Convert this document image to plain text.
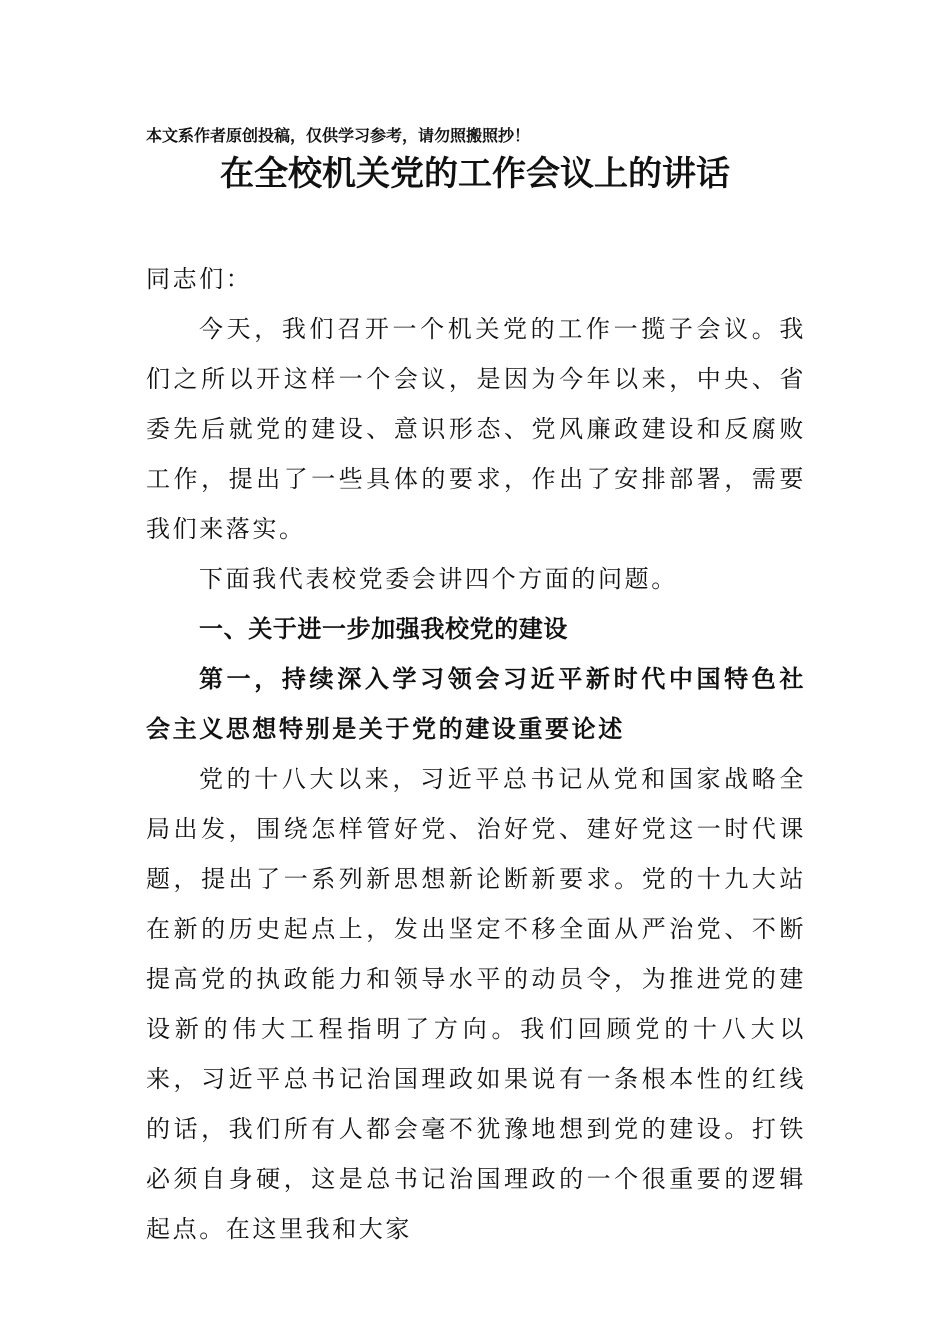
本文系作者原创投稿，仅供学习参考，请勿照搬照抄！
在全校机关党的工作会议上的讲话

同志们：

今天，我们召开一个机关党的工作一揽子会议。我们之所以开这样一个会议，是因为今年以来，中央、省委先后就党的建设、意识形态、党风廉政建设和反腐败工作，提出了一些具体的要求，作出了安排部署，需要我们来落实。

下面我代表校党委会讲四个方面的问题。

一、关于进一步加强我校党的建设

第一，持续深入学习领会习近平新时代中国特色社会主义思想特别是关于党的建设重要论述

党的十八大以来，习近平总书记从党和国家战略全局出发，围绕怎样管好党、治好党、建好党这一时代课题，提出了一系列新思想新论断新要求。党的十九大站在新的历史起点上，发出坚定不移全面从严治党、不断提高党的执政能力和领导水平的动员令，为推进党的建设新的伟大工程指明了方向。我们回顾党的十八大以来，习近平总书记治国理政如果说有一条根本性的红线的话，我们所有人都会毫不犹豫地想到党的建设。打铁必须自身硬，这是总书记治国理政的一个很重要的逻辑起点。在这里我和大家
